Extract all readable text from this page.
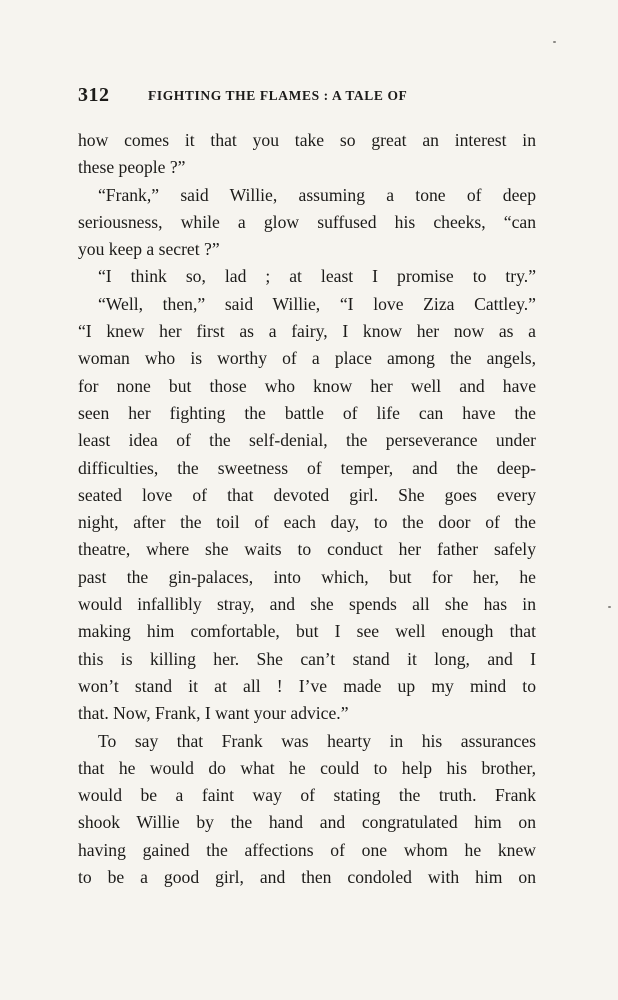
312	FIGHTING THE FLAMES : A TALE OF
how comes it that you take so great an interest in
these people ?”
“Frank,” said Willie, assuming a tone of deep
seriousness, while a glow suffused his cheeks, “can
you keep a secret ?”
“I think so, lad ; at least I promise to try.”
“Well, then,” said Willie, “I love Ziza Cattley.”
“I knew her first as a fairy, I know her now as a
woman who is worthy of a place among the angels,
for none but those who know her well and have
seen her fighting the battle of life can have the
least idea of the self-denial, the perseverance under
difficulties, the sweetness of temper, and the deep-
seated love of that devoted girl. She goes every
night, after the toil of each day, to the door of the
theatre, where she waits to conduct her father safely
past the gin-palaces, into which, but for her, he
would infallibly stray, and she spends all she has in
making him comfortable, but I see well enough that
this is killing her. She can’t stand it long, and I
won’t stand it at all ! I’ve made up my mind to
that. Now, Frank, I want your advice.”
To say that Frank was hearty in his assurances
that he would do what he could to help his brother,
would be a faint way of stating the truth. Frank
shook Willie by the hand and congratulated him on
having gained the affections of one whom he knew
to be a good girl, and then condoled with him on
